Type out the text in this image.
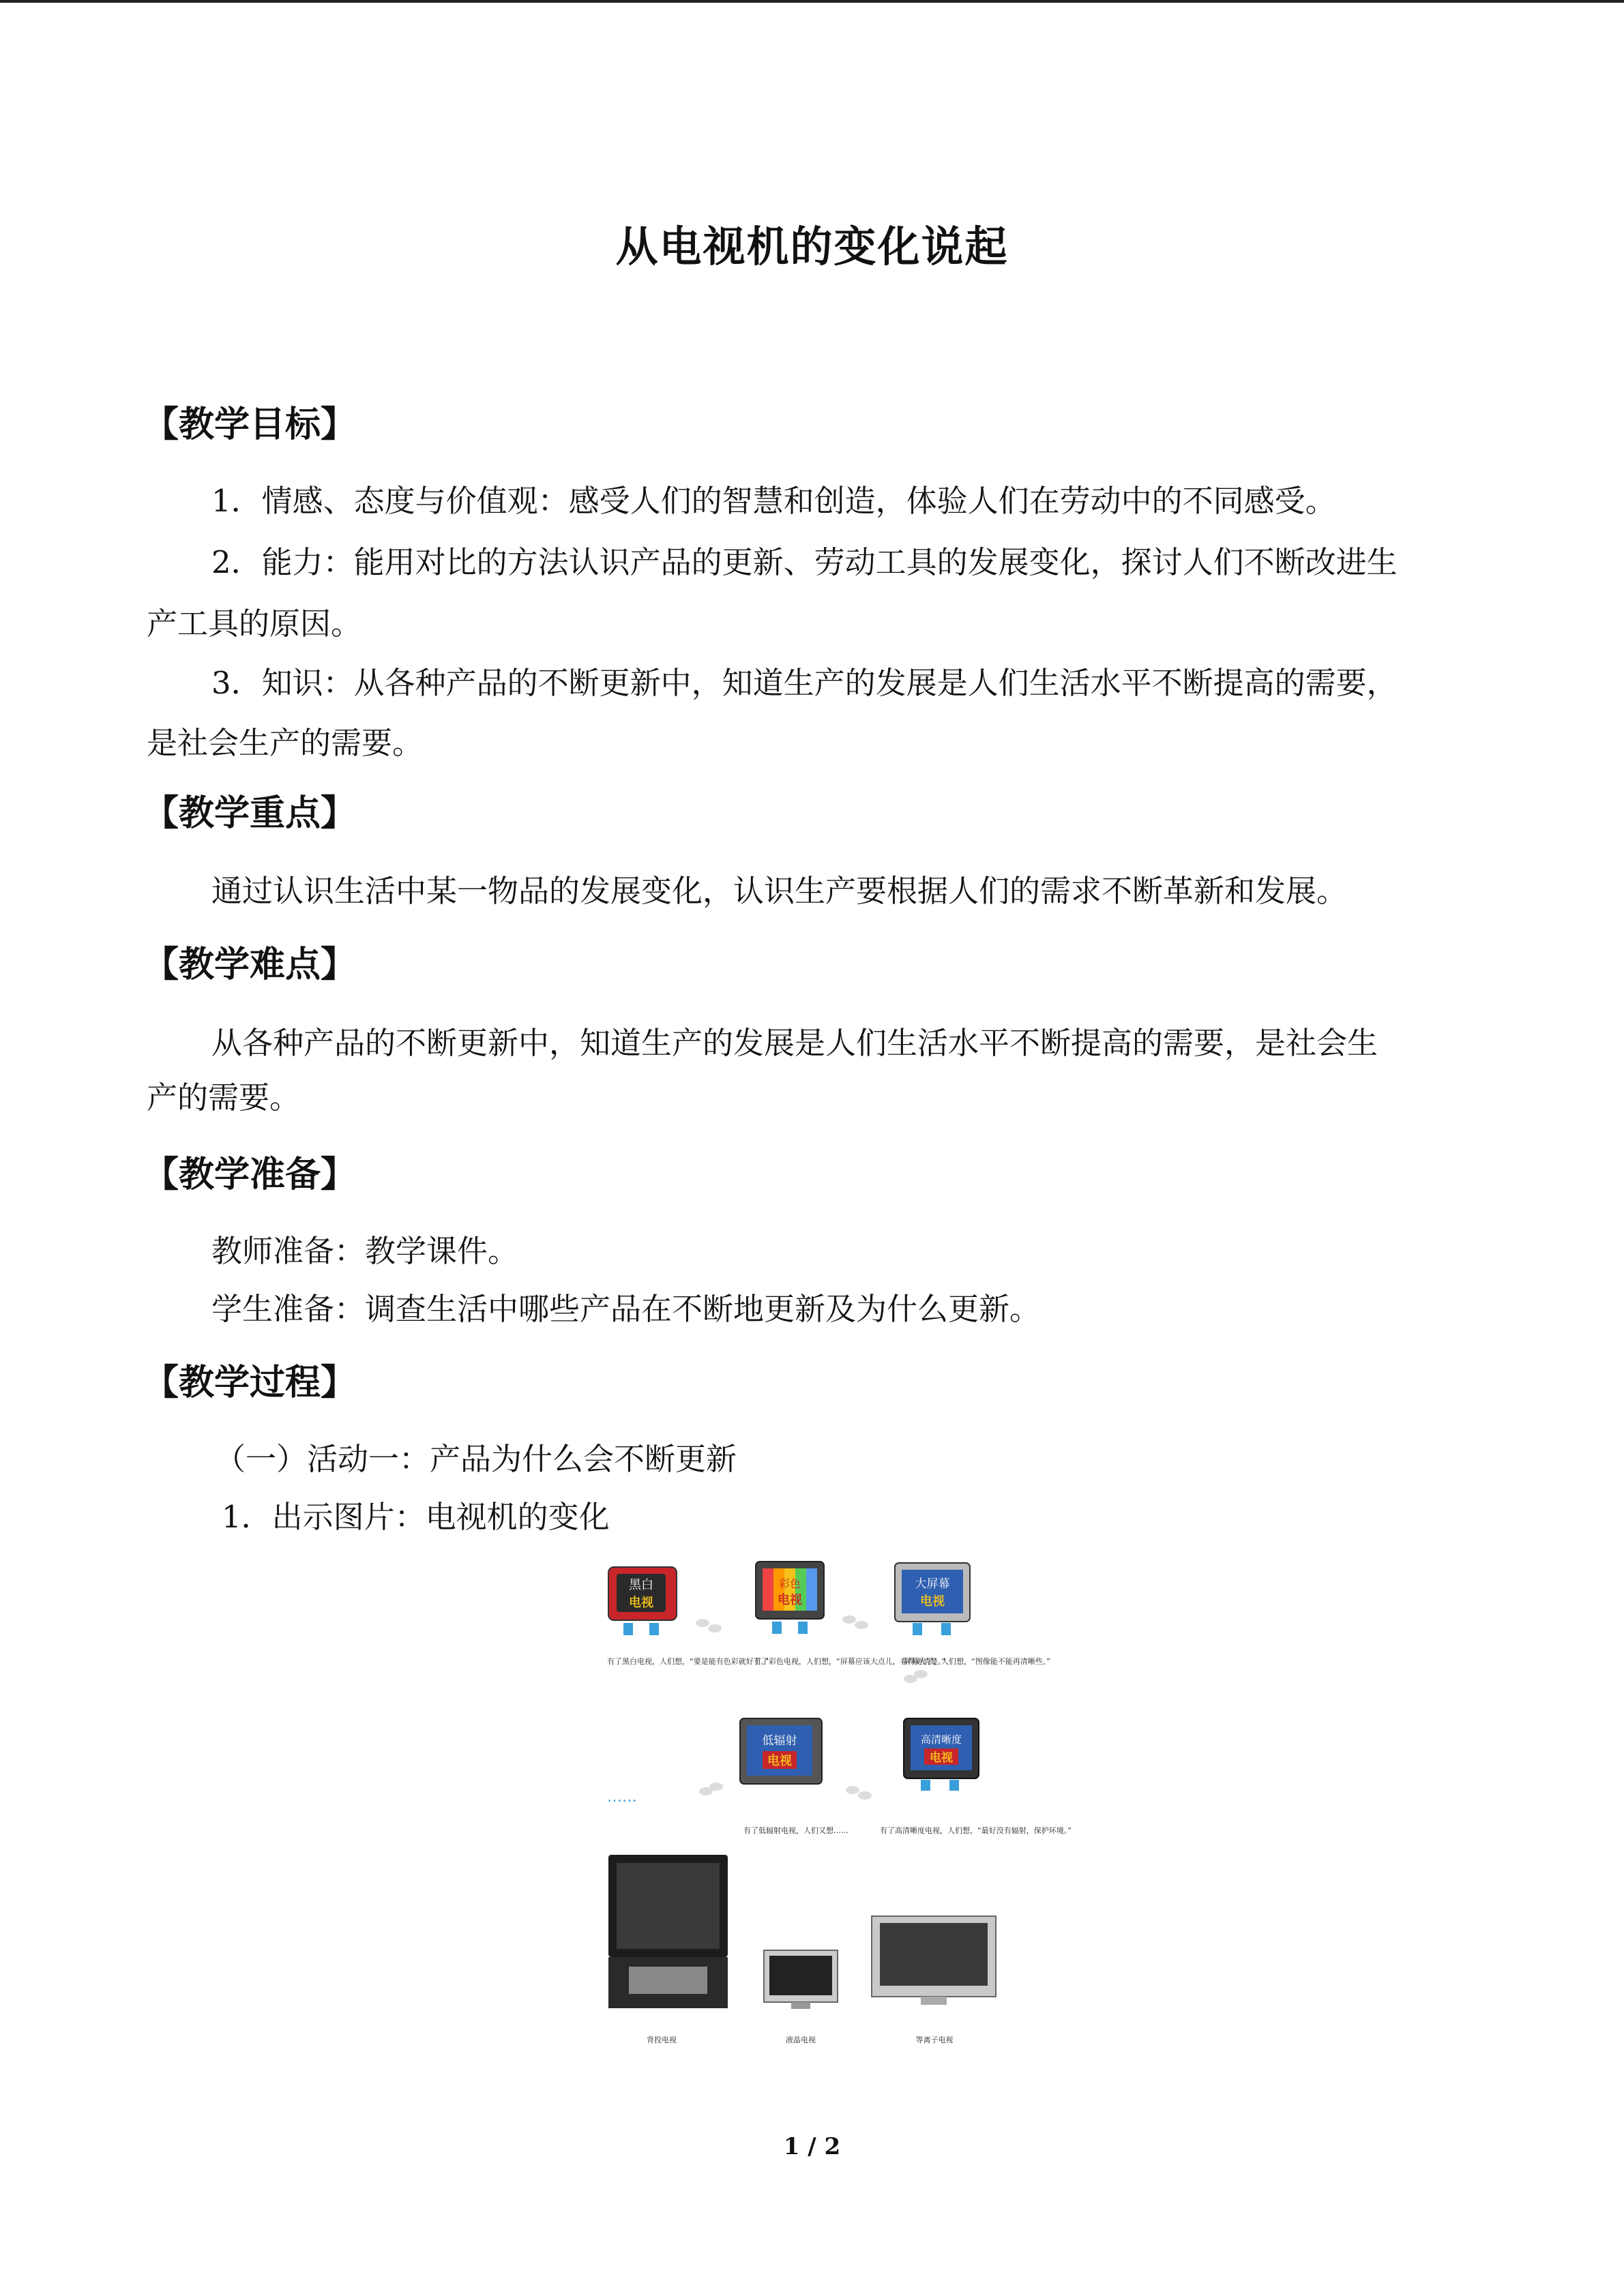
从电视机的变化说起
【教学目标】
1．情感、态度与价值观：感受人们的智慧和创造，体验人们在劳动中的不同感受。
2．能力：能用对比的方法认识产品的更新、劳动工具的发展变化，探讨人们不断改进生
产工具的原因。
3．知识：从各种产品的不断更新中，知道生产的发展是人们生活水平不断提高的需要，
是社会生产的需要。
【教学重点】
通过认识生活中某一物品的发展变化，认识生产要根据人们的需求不断革新和发展。
【教学难点】
从各种产品的不断更新中，知道生产的发展是人们生活水平不断提高的需要，是社会生
产的需要。
【教学准备】
教师准备：教学课件。
学生准备：调查生活中哪些产品在不断地更新及为什么更新。
【教学过程】
（一）活动一：产品为什么会不断更新
1．出示图片：电视机的变化
黑白
电视
有了黑白电视，人们想，“要是能有色彩就好了。”
彩色
电视
有了彩色电视，人们想，“屏幕应该大点儿，看得更清楚。”
大屏幕
电视
屏幕大了，人们想，“图像能不能再清晰些。”
低辐射
电视
有了低辐射电视，人们又想……
高清晰度
电视
有了高清晰度电视，人们想，“最好没有辐射，保护环境。”
……
背投电视	液晶电视	等离子电视
1 / 2
